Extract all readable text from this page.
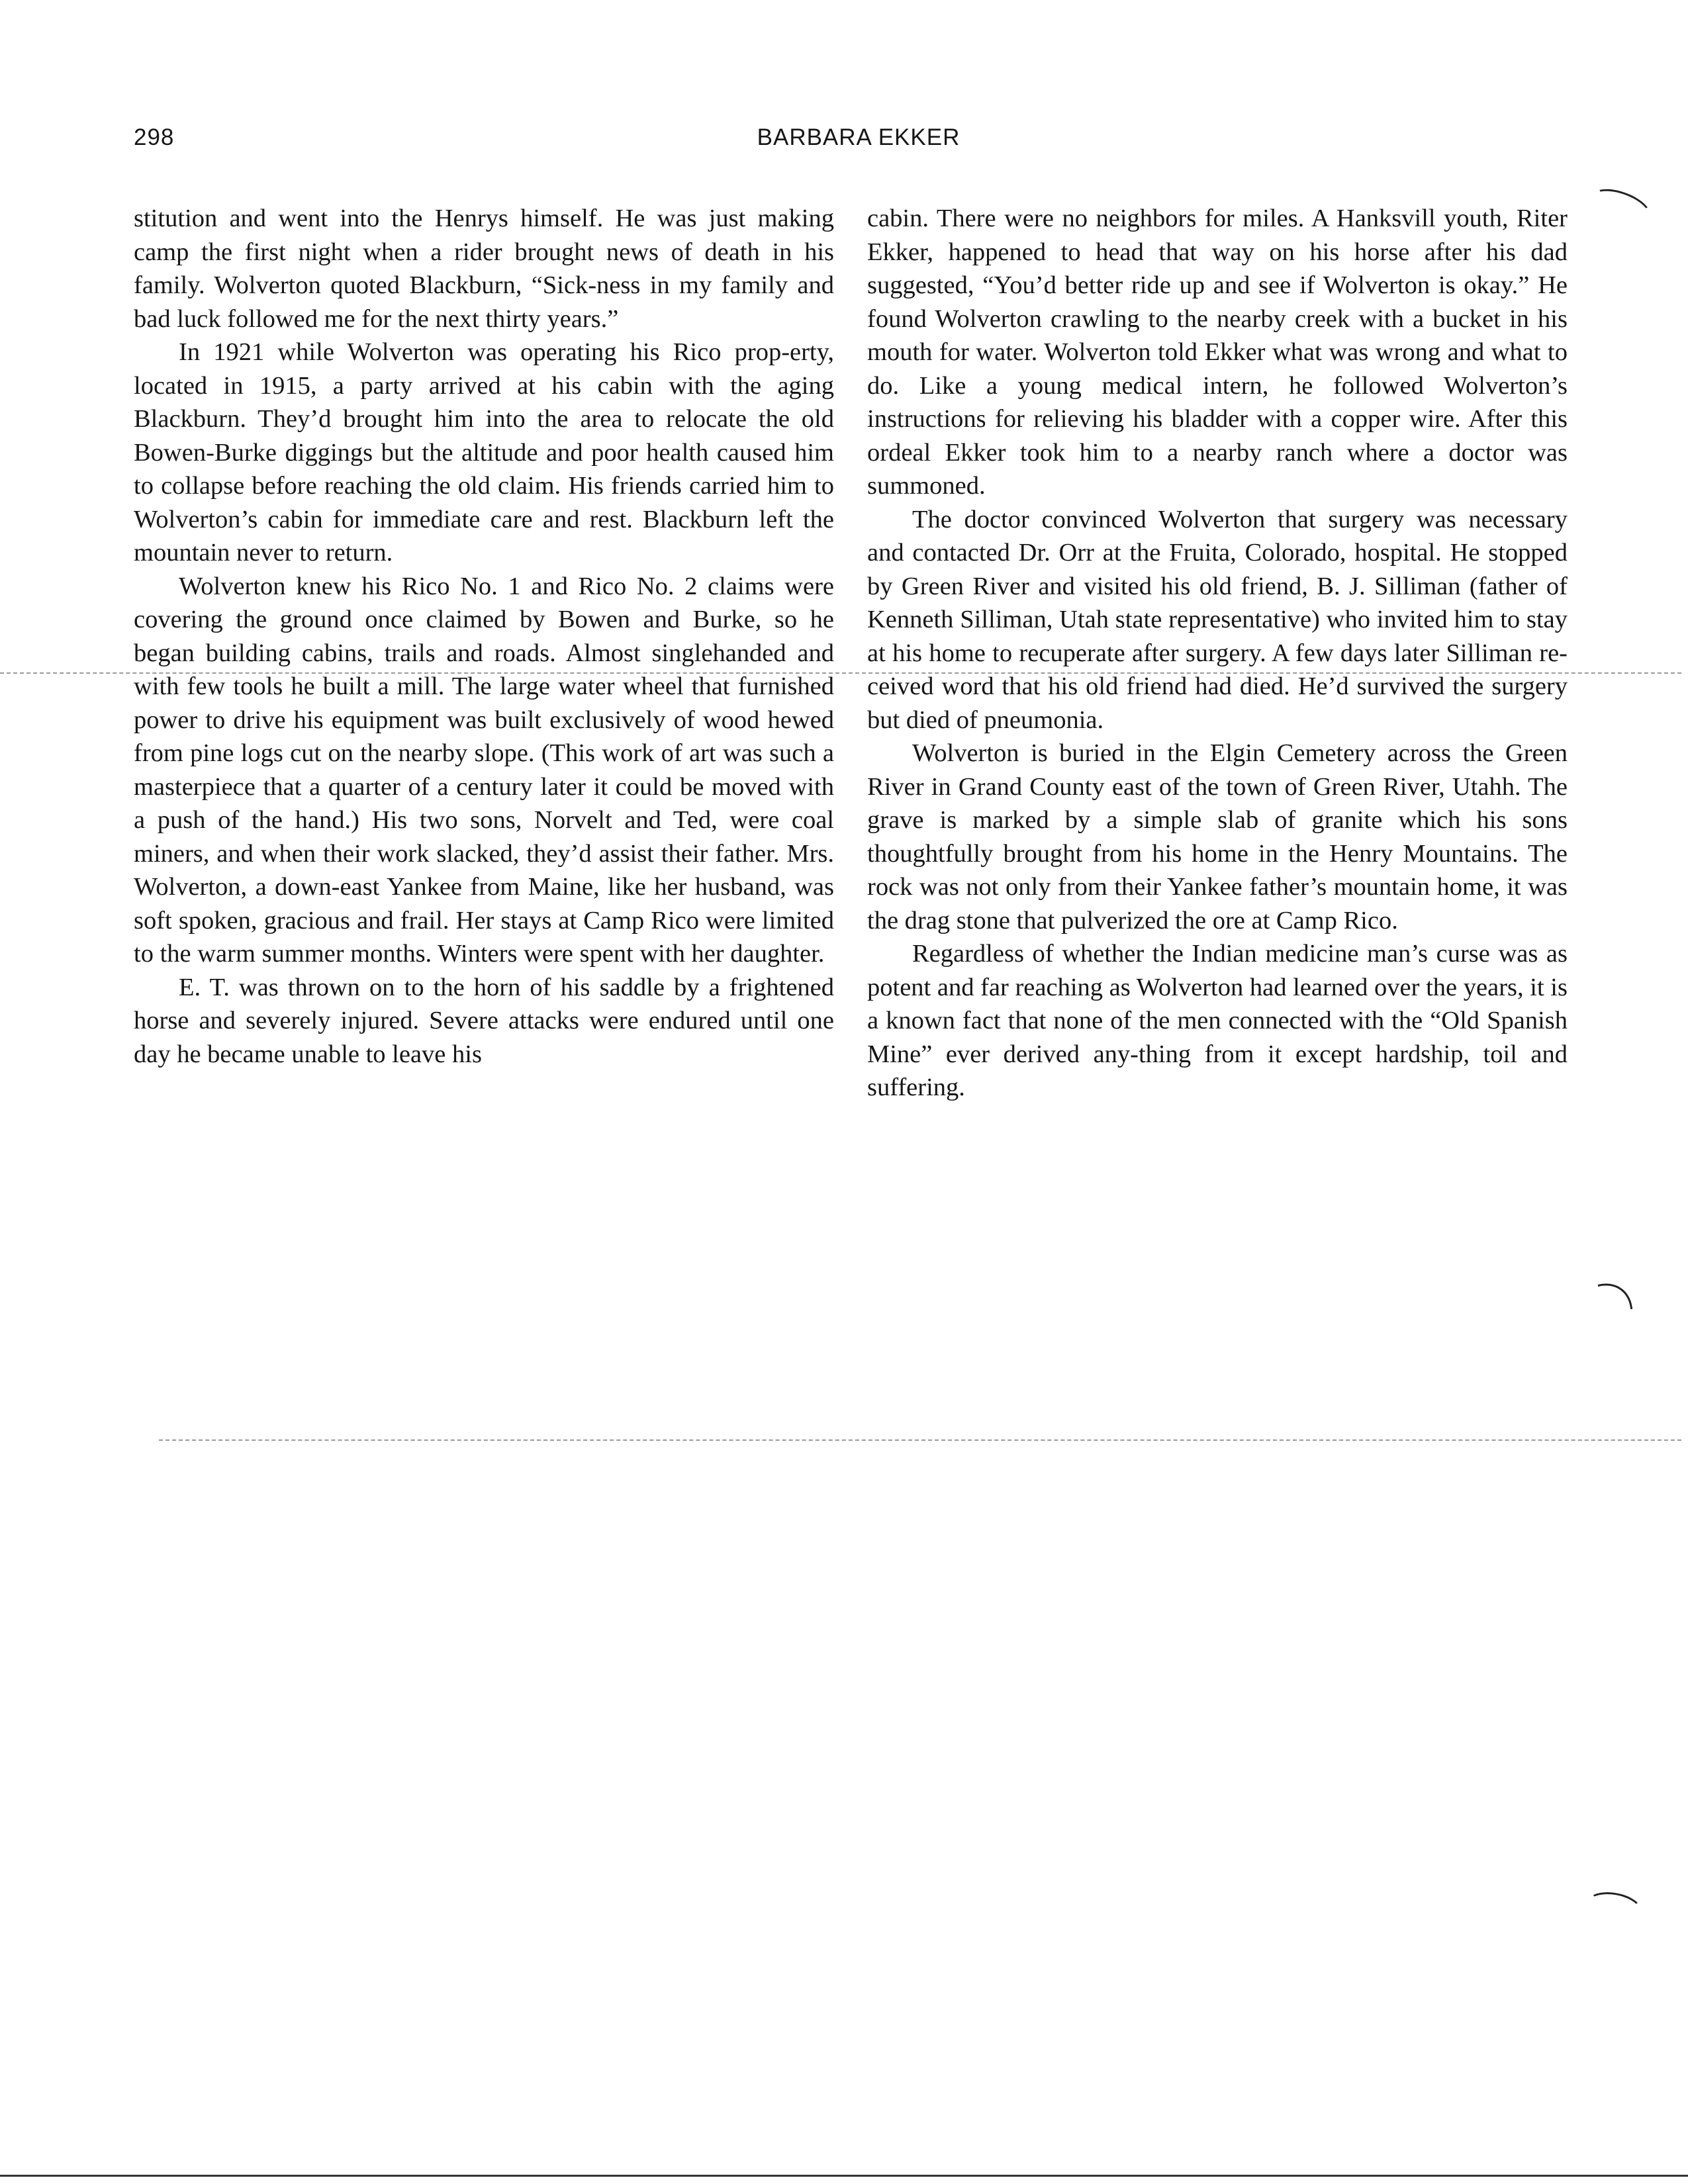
298	BARBARA EKKER

stitution and went into the Henrys himself. He was just making camp the first night when a rider brought news of death in his family. Wolverton quoted Blackburn, “Sick-ness in my family and bad luck followed me for the next thirty years.”

In 1921 while Wolverton was operating his Rico prop-erty, located in 1915, a party arrived at his cabin with the aging Blackburn. They’d brought him into the area to relocate the old Bowen-Burke diggings but the altitude and poor health caused him to collapse before reaching the old claim. His friends carried him to Wolverton’s cabin for immediate care and rest. Blackburn left the mountain never to return.

Wolverton knew his Rico No. 1 and Rico No. 2 claims were covering the ground once claimed by Bowen and Burke, so he began building cabins, trails and roads. Almost singlehanded and with few tools he built a mill. The large water wheel that furnished power to drive his equipment was built exclusively of wood hewed from pine logs cut on the nearby slope. (This work of art was such a masterpiece that a quarter of a century later it could be moved with a push of the hand.) His two sons, Norvelt and Ted, were coal miners, and when their work slacked, they’d assist their father. Mrs. Wolverton, a down-east Yankee from Maine, like her husband, was soft spoken, gracious and frail. Her stays at Camp Rico were limited to the warm summer months. Winters were spent with her daughter.

E. T. was thrown on to the horn of his saddle by a frightened horse and severely injured. Severe attacks were endured until one day he became unable to leave his

cabin. There were no neighbors for miles. A Hanksvill youth, Riter Ekker, happened to head that way on his horse after his dad suggested, “You’d better ride up and see if Wolverton is okay.” He found Wolverton crawling to the nearby creek with a bucket in his mouth for water. Wolverton told Ekker what was wrong and what to do. Like a young medical intern, he followed Wolverton’s instructions for relieving his bladder with a copper wire. After this ordeal Ekker took him to a nearby ranch where a doctor was summoned.

The doctor convinced Wolverton that surgery was necessary and contacted Dr. Orr at the Fruita, Colorado, hospital. He stopped by Green River and visited his old friend, B. J. Silliman (father of Kenneth Silliman, Utah state representative) who invited him to stay at his home to recuperate after surgery. A few days later Silliman re-ceived word that his old friend had died. He’d survived the surgery but died of pneumonia.

Wolverton is buried in the Elgin Cemetery across the Green River in Grand County east of the town of Green River, Utahh. The grave is marked by a simple slab of granite which his sons thoughtfully brought from his home in the Henry Mountains. The rock was not only from their Yankee father’s mountain home, it was the drag stone that pulverized the ore at Camp Rico.

Regardless of whether the Indian medicine man’s curse was as potent and far reaching as Wolverton had learned over the years, it is a known fact that none of the men connected with the “Old Spanish Mine” ever derived any-thing from it except hardship, toil and suffering.
